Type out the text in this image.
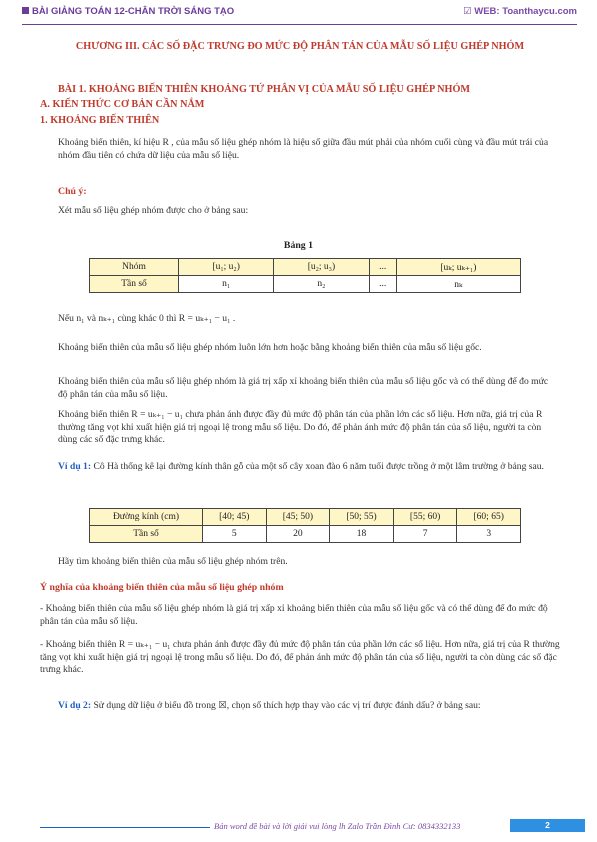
BÀI GIẢNG TOÁN 12-CHÂN TRỜI SÁNG TẠO	☑ WEB: Toanthaycu.com
CHƯƠNG III. CÁC SỐ ĐẶC TRƯNG ĐO MỨC ĐỘ PHÂN TÁN CỦA MẪU SỐ LIỆU GHÉP NHÓM
BÀI 1. KHOẢNG BIẾN THIÊN KHOẢNG TỨ PHÂN VỊ CỦA MẪU SỐ LIỆU GHÉP NHÓM
A. KIẾN THỨC CƠ BẢN CẦN NẮM
1. KHOẢNG BIẾN THIÊN
Khoảng biến thiên, kí hiệu R , của mẫu số liệu ghép nhóm là hiệu số giữa đầu mút phải của nhóm cuối cùng và đầu mút trái của nhóm đầu tiên có chứa dữ liệu của mẫu số liệu.
Chú ý:
Xét mẫu số liệu ghép nhóm được cho ở bảng sau:
Bảng 1
Nhóm	[u₁; u₂)	[u₂; u₃)	...	[uₖ; uₖ₊₁)
Tần số	n₁	n₂	...	nₖ
Nếu n₁ và nₖ₊₁ cùng khác 0 thì R = uₖ₊₁ − u₁ .
Khoảng biến thiên của mẫu số liệu ghép nhóm luôn lớn hơn hoặc bằng khoảng biến thiên của mẫu số liệu gốc.
Khoảng biến thiên của mẫu số liệu ghép nhóm là giá trị xấp xỉ khoảng biến thiên của mẫu số liệu gốc và có thể dùng để đo mức độ phân tán của mẫu số liệu.
Khoảng biến thiên R = uₖ₊₁ − u₁ chưa phản ánh được đầy đủ mức độ phân tán của phần lớn các số liệu. Hơn nữa, giá trị của R thường tăng vọt khi xuất hiện giá trị ngoại lệ trong mẫu số liệu. Do đó, để phản ánh mức độ phân tán của số liệu, người ta còn dùng các số đặc trưng khác.
Ví dụ 1: Cô Hà thống kê lại đường kính thân gỗ của một số cây xoan đào 6 năm tuổi được trồng ở một lâm trường ở bảng sau.
Đường kính (cm)	[40; 45)	[45; 50)	[50; 55)	[55; 60)	[60; 65)
Tần số	5	20	18	7	3
Hãy tìm khoảng biến thiên của mẫu số liệu ghép nhóm trên.
Ý nghĩa của khoảng biến thiên của mẫu số liệu ghép nhóm
- Khoảng biến thiên của mẫu số liệu ghép nhóm là giá trị xấp xỉ khoảng biến thiên của mẫu số liệu gốc và có thể dùng để đo mức độ phân tán của mẫu số liệu.
- Khoảng biến thiên R = uₖ₊₁ − u₁ chưa phản ánh được đầy đủ mức độ phân tán của phần lớn các số liệu. Hơn nữa, giá trị của R thường tăng vọt khi xuất hiện giá trị ngoại lệ trong mẫu số liệu. Do đó, để phản ánh mức độ phân tán của số liệu, người ta còn dùng các số đặc trưng khác.
Ví dụ 2: Sử dụng dữ liệu ở biểu đồ trong ☒, chọn số thích hợp thay vào các vị trí được đánh dấu? ở bảng sau:
Bản word đề bài và lời giải vui lòng lh Zalo Trần Đình Cư: 0834332133	2
